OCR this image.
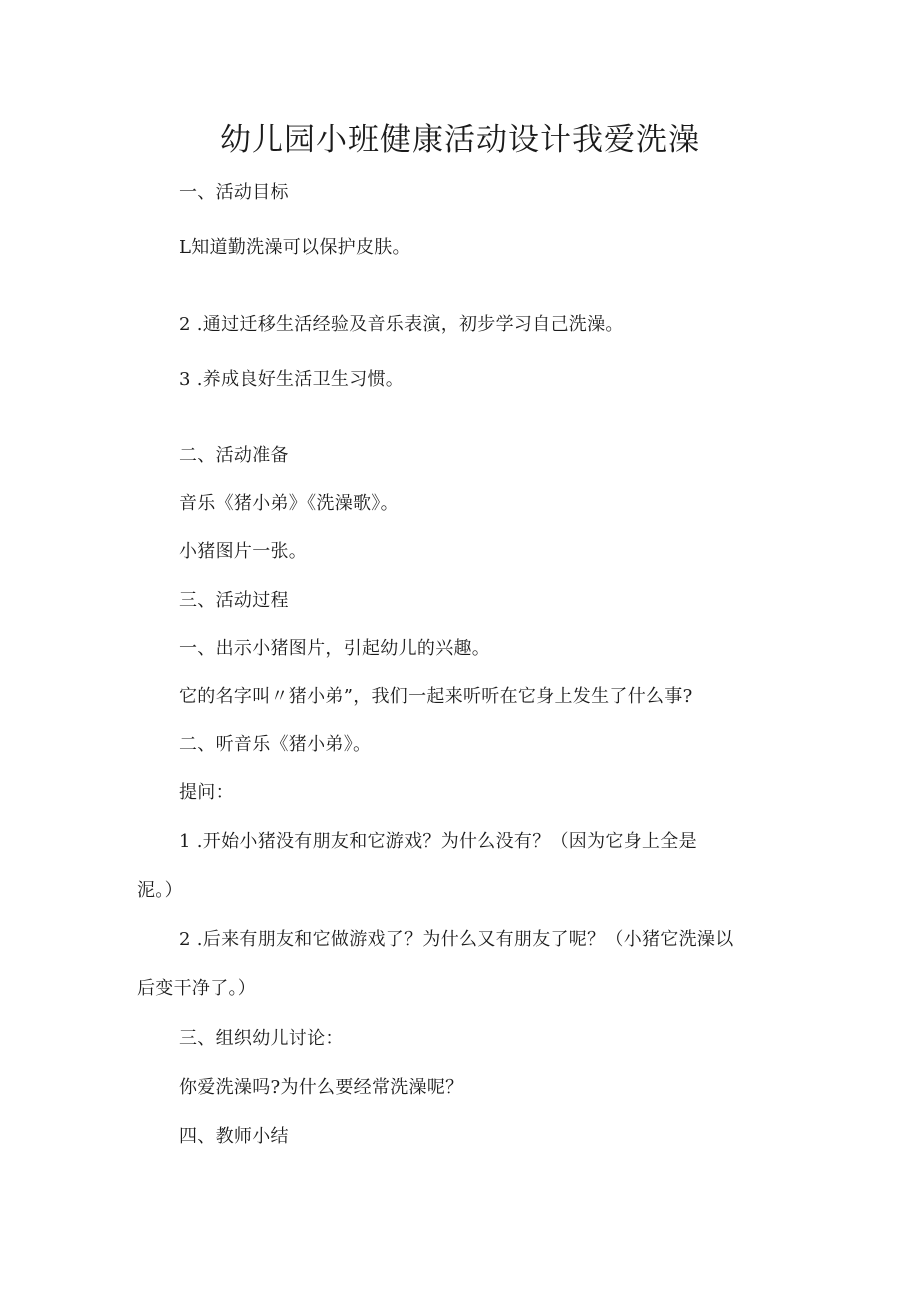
幼儿园小班健康活动设计我爱洗澡
一、活动目标
L知道勤洗澡可以保护皮肤。
2 .通过迁移生活经验及音乐表演，初步学习自己洗澡。
3 .养成良好生活卫生习惯。
二、活动准备
音乐《猪小弟》《洗澡歌》。
小猪图片一张。
三、活动过程
一、出示小猪图片，引起幼儿的兴趣。
它的名字叫〃猪小弟”，我们一起来听听在它身上发生了什么事?
二、听音乐《猪小弟》。
提问：
1 .开始小猪没有朋友和它游戏？为什么没有？（因为它身上全是
泥。）
2 .后来有朋友和它做游戏了？为什么又有朋友了呢？（小猪它洗澡以
后变干净了。）
三、组织幼儿讨论：
你爱洗澡吗?为什么要经常洗澡呢？
四、教师小结
